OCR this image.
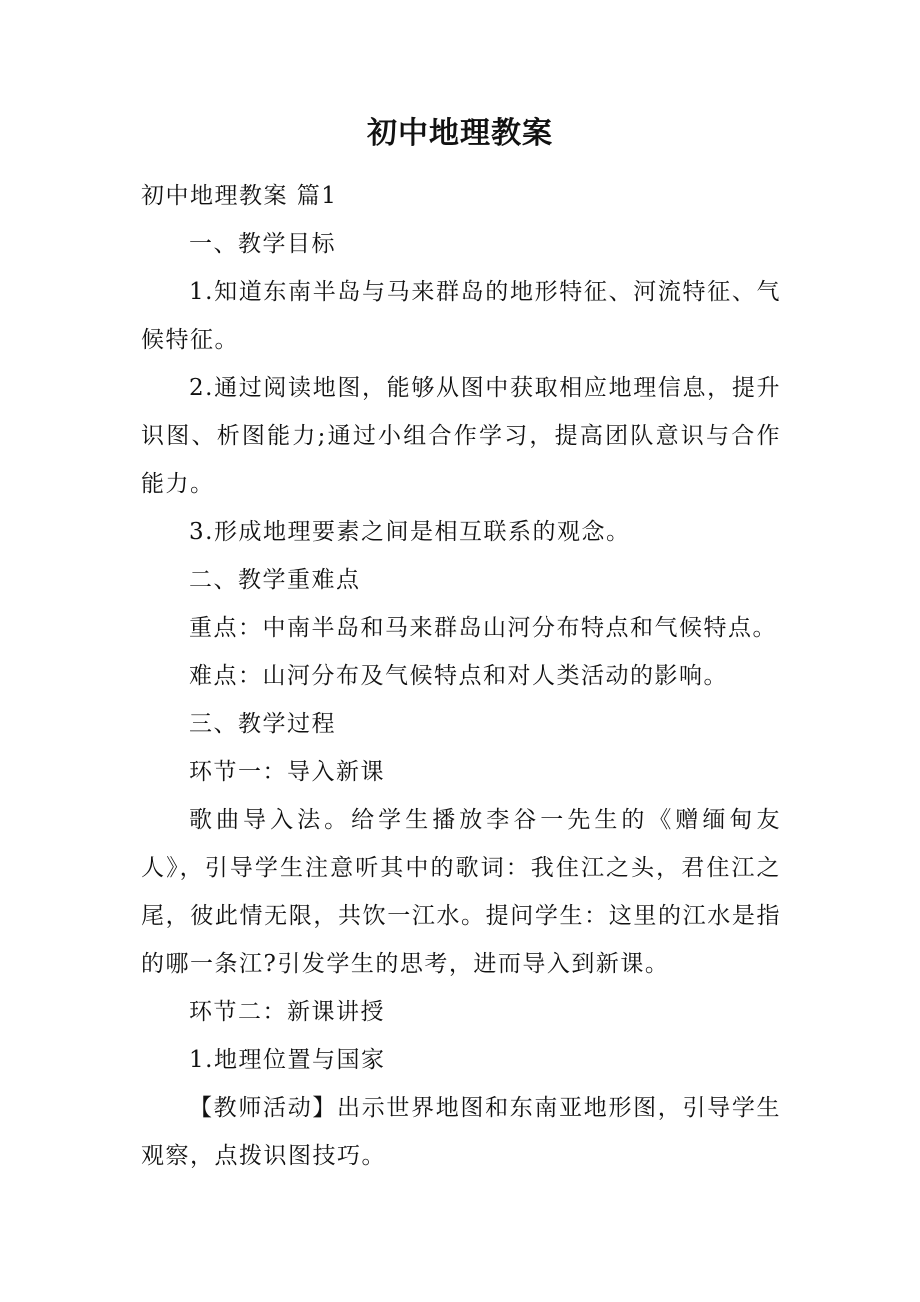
初中地理教案

初中地理教案 篇1

一、教学目标

1.知道东南半岛与马来群岛的地形特征、河流特征、气候特征。

2.通过阅读地图，能够从图中获取相应地理信息，提升识图、析图能力;通过小组合作学习，提高团队意识与合作能力。

3.形成地理要素之间是相互联系的观念。

二、教学重难点

重点：中南半岛和马来群岛山河分布特点和气候特点。

难点：山河分布及气候特点和对人类活动的影响。

三、教学过程

环节一：导入新课

歌曲导入法。给学生播放李谷一先生的《赠缅甸友人》，引导学生注意听其中的歌词：我住江之头，君住江之尾，彼此情无限，共饮一江水。提问学生：这里的江水是指的哪一条江?引发学生的思考，进而导入到新课。

环节二：新课讲授

1.地理位置与国家

【教师活动】出示世界地图和东南亚地形图，引导学生观察，点拨识图技巧。
